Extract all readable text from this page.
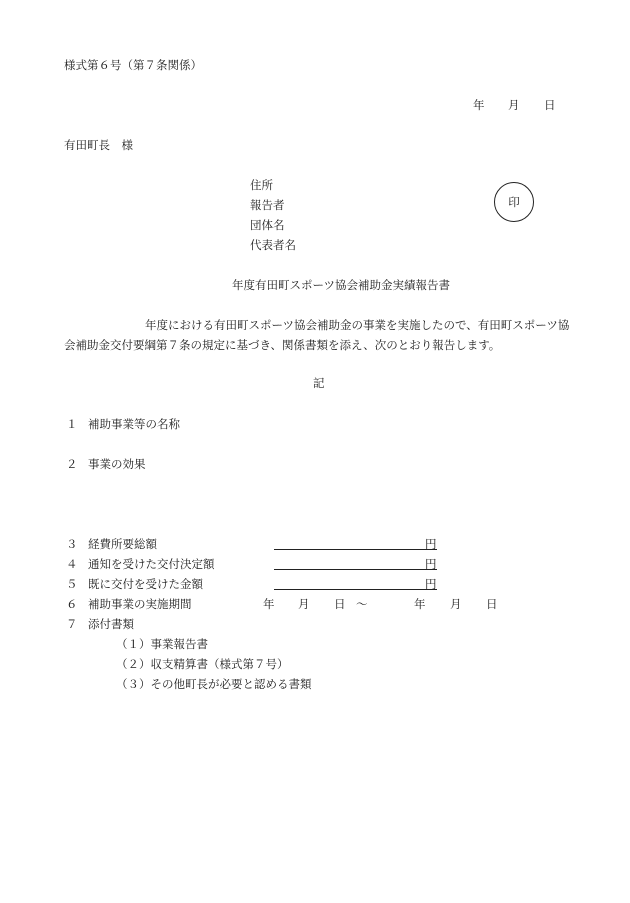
様式第６号（第７条関係）
年 月 日
有田町長　様
住所
報告者
団体名
代表者名
印
年度有田町スポーツ協会補助金実績報告書
年度における有田町スポーツ協会補助金の事業を実施したので、有田町スポーツ協
会補助金交付要綱第７条の規定に基づき、関係書類を添え、次のとおり報告します。
記
１ 補助事業等の名称
２ 事業の効果
３ 経費所要総額	円
４ 通知を受けた交付決定額	円
５ 既に交付を受けた金額	円
６ 補助事業の実施期間	年 月 日 ～	年 月 日
７ 添付書類
（１）事業報告書
（２）収支精算書（様式第７号）
（３）その他町長が必要と認める書類
